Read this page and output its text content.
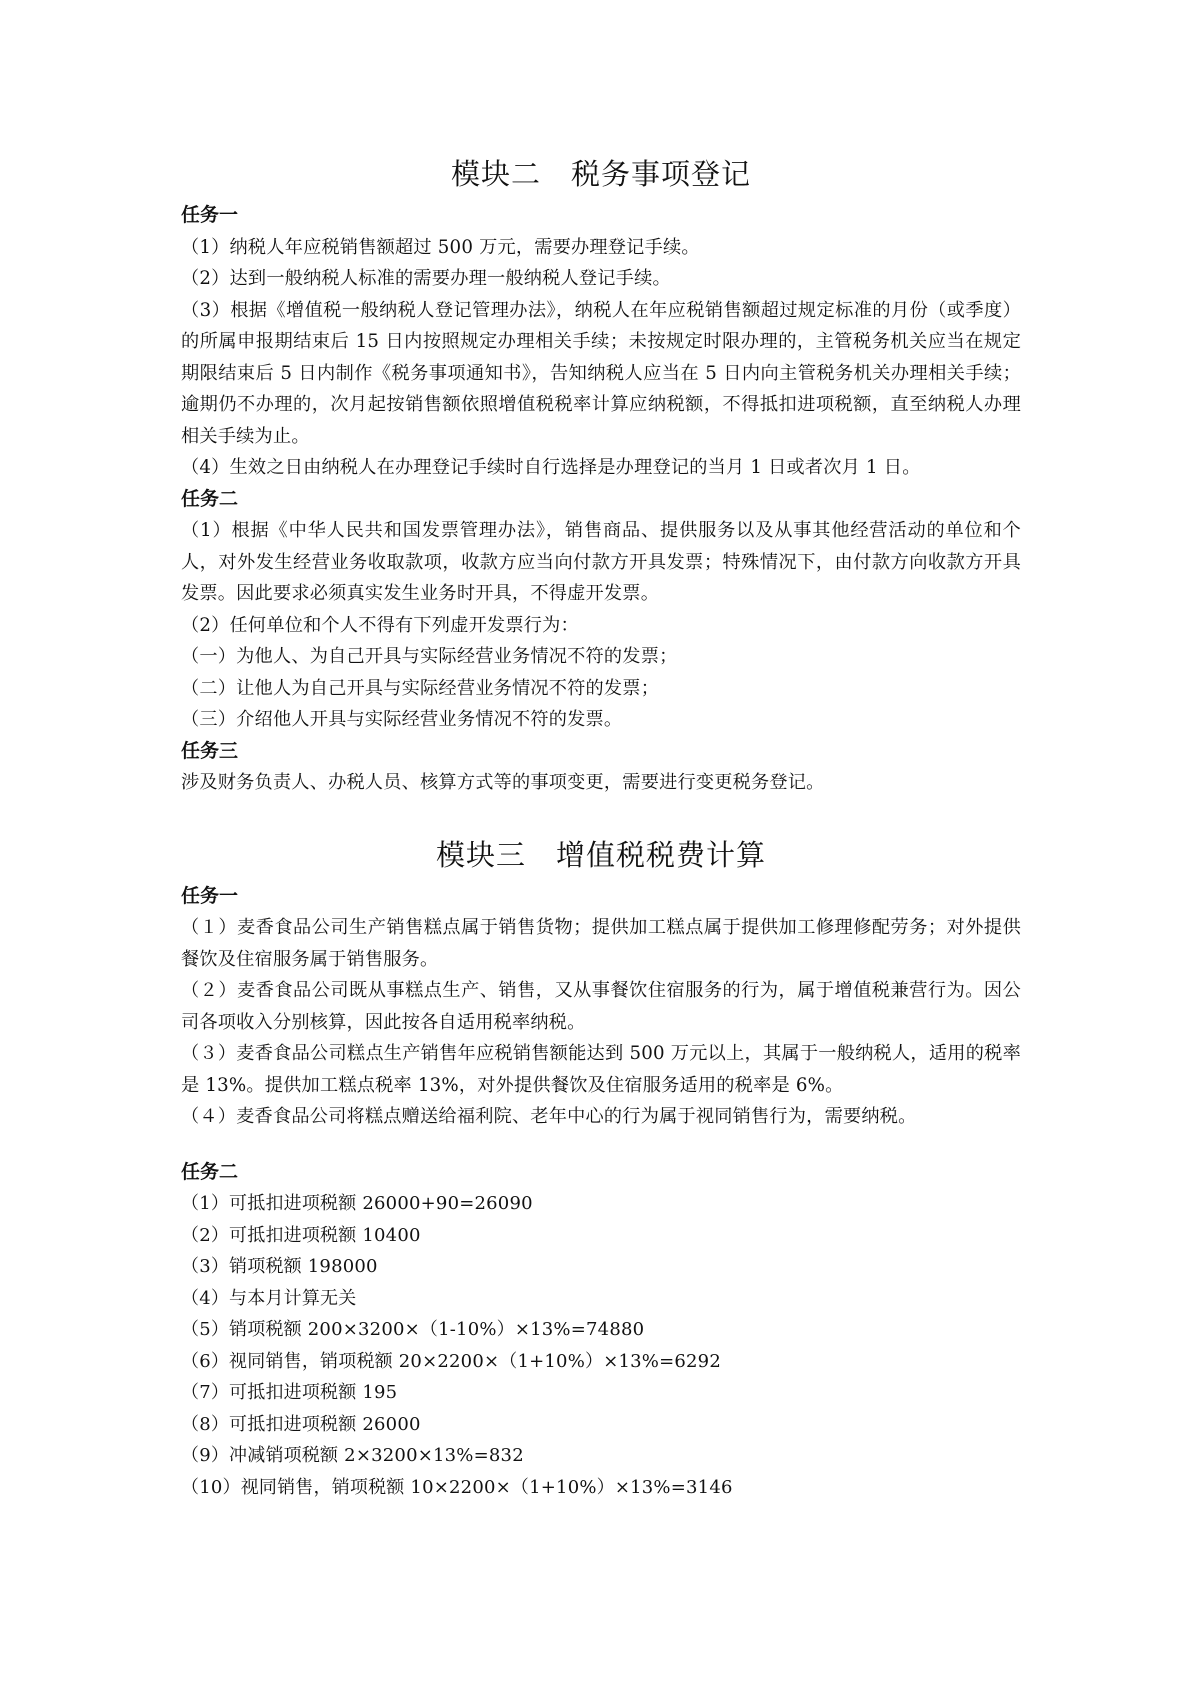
模块二　税务事项登记

任务一

（1）纳税人年应税销售额超过 500 万元，需要办理登记手续。

（2）达到一般纳税人标准的需要办理一般纳税人登记手续。

（3）根据《增值税一般纳税人登记管理办法》，纳税人在年应税销售额超过规定标准的月份（或季度）的所属申报期结束后 15 日内按照规定办理相关手续；未按规定时限办理的，主管税务机关应当在规定期限结束后 5 日内制作《税务事项通知书》，告知纳税人应当在 5 日内向主管税务机关办理相关手续；逾期仍不办理的，次月起按销售额依照增值税税率计算应纳税额，不得抵扣进项税额，直至纳税人办理相关手续为止。

（4）生效之日由纳税人在办理登记手续时自行选择是办理登记的当月 1 日或者次月 1 日。

任务二

（1）根据《中华人民共和国发票管理办法》，销售商品、提供服务以及从事其他经营活动的单位和个人，对外发生经营业务收取款项，收款方应当向付款方开具发票；特殊情况下，由付款方向收款方开具发票。因此要求必须真实发生业务时开具，不得虚开发票。

（2）任何单位和个人不得有下列虚开发票行为：

（一）为他人、为自己开具与实际经营业务情况不符的发票；

（二）让他人为自己开具与实际经营业务情况不符的发票；

（三）介绍他人开具与实际经营业务情况不符的发票。

任务三

涉及财务负责人、办税人员、核算方式等的事项变更，需要进行变更税务登记。

模块三　增值税税费计算

任务一

（１）麦香食品公司生产销售糕点属于销售货物；提供加工糕点属于提供加工修理修配劳务；对外提供餐饮及住宿服务属于销售服务。

（２）麦香食品公司既从事糕点生产、销售，又从事餐饮住宿服务的行为，属于增值税兼营行为。因公司各项收入分别核算，因此按各自适用税率纳税。

（３）麦香食品公司糕点生产销售年应税销售额能达到 500 万元以上，其属于一般纳税人，适用的税率是 13%。提供加工糕点税率 13%，对外提供餐饮及住宿服务适用的税率是 6%。

（４）麦香食品公司将糕点赠送给福利院、老年中心的行为属于视同销售行为，需要纳税。

任务二

（1）可抵扣进项税额 26000+90=26090

（2）可抵扣进项税额 10400

（3）销项税额 198000

（4）与本月计算无关

（5）销项税额 200×3200×（1-10%）×13%=74880

（6）视同销售，销项税额 20×2200×（1+10%）×13%=6292

（7）可抵扣进项税额 195

（8）可抵扣进项税额 26000

（9）冲减销项税额 2×3200×13%=832

（10）视同销售，销项税额 10×2200×（1+10%）×13%=3146
